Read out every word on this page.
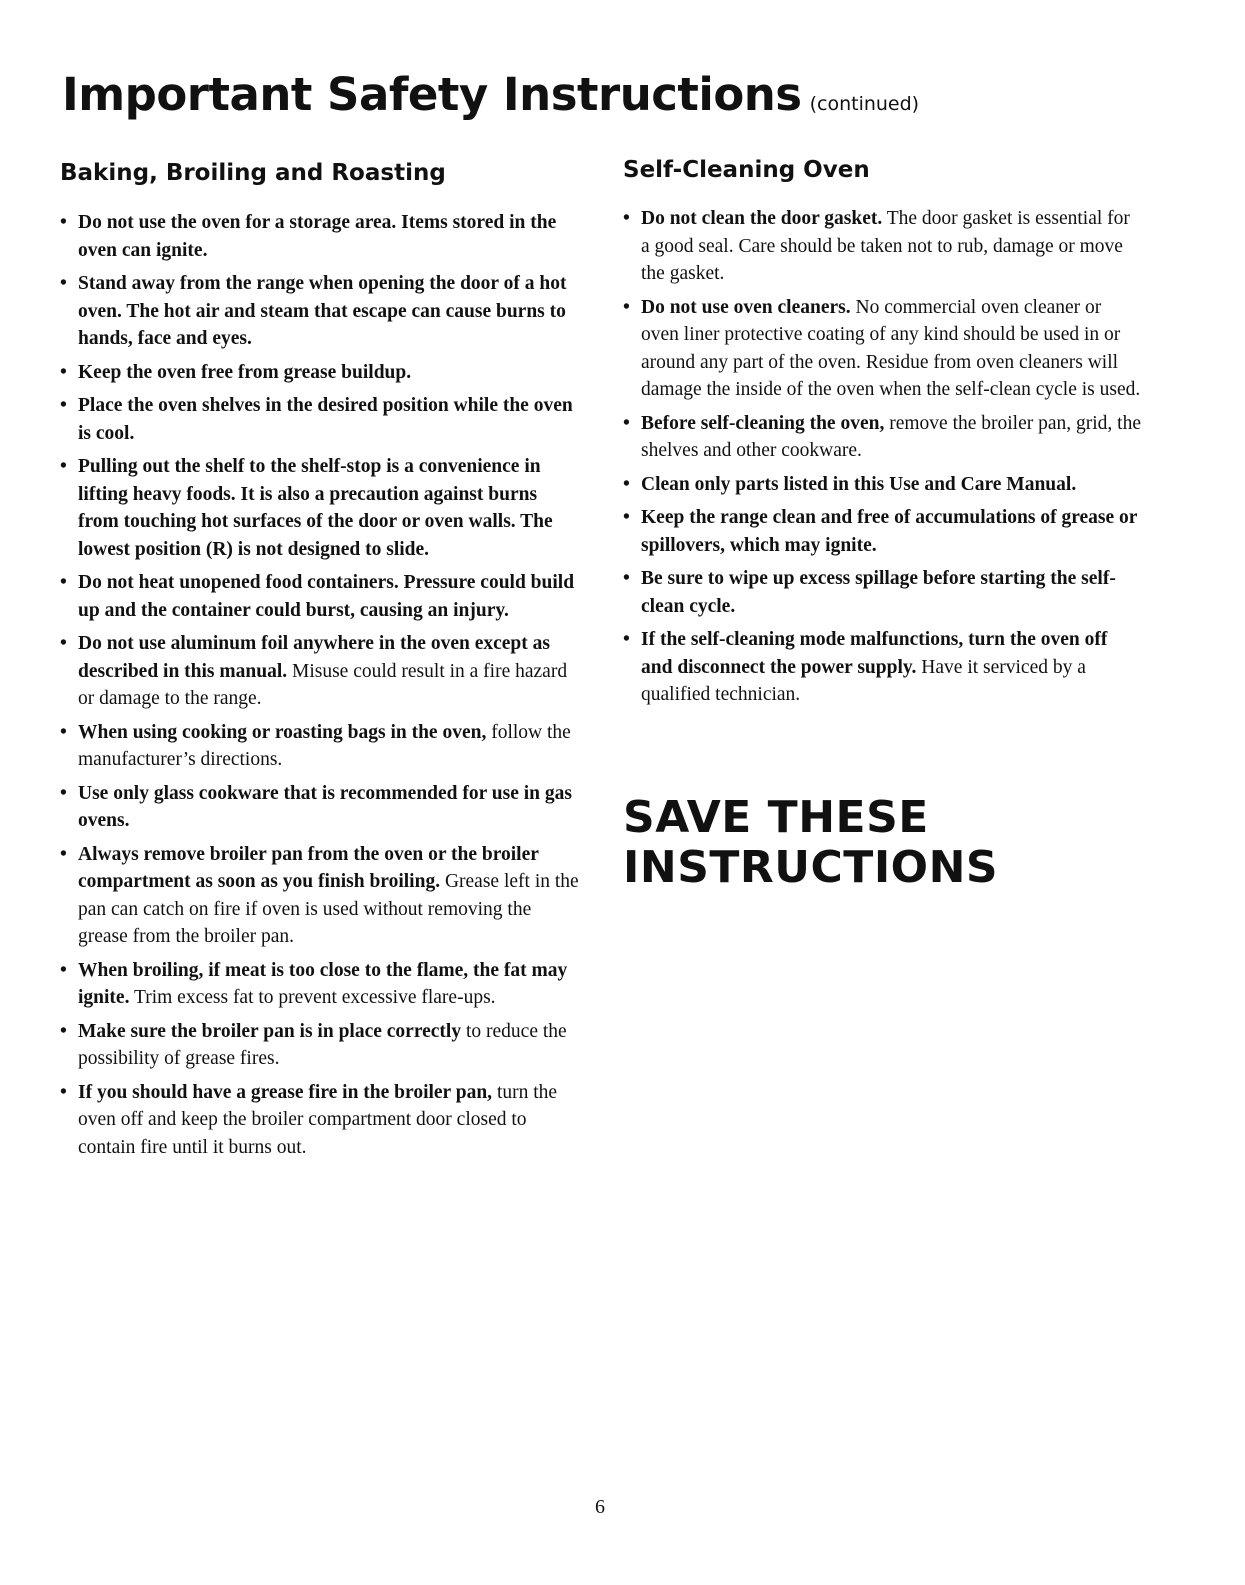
Important Safety Instructions (continued)
Baking, Broiling and Roasting
• Do not use the oven for a storage area. Items stored in the oven can ignite.
• Stand away from the range when opening the door of a hot oven. The hot air and steam that escape can cause burns to hands, face and eyes.
• Keep the oven free from grease buildup.
• Place the oven shelves in the desired position while the oven is cool.
• Pulling out the shelf to the shelf-stop is a convenience in lifting heavy foods. It is also a precaution against burns from touching hot surfaces of the door or oven walls. The lowest position (R) is not designed to slide.
• Do not heat unopened food containers. Pressure could build up and the container could burst, causing an injury.
• Do not use aluminum foil anywhere in the oven except as described in this manual. Misuse could result in a fire hazard or damage to the range.
• When using cooking or roasting bags in the oven, follow the manufacturer’s directions.
• Use only glass cookware that is recommended for use in gas ovens.
• Always remove broiler pan from the oven or the broiler compartment as soon as you finish broiling. Grease left in the pan can catch on fire if oven is used without removing the grease from the broiler pan.
• When broiling, if meat is too close to the flame, the fat may ignite. Trim excess fat to prevent excessive flare-ups.
• Make sure the broiler pan is in place correctly to reduce the possibility of grease fires.
• If you should have a grease fire in the broiler pan, turn the oven off and keep the broiler compartment door closed to contain fire until it burns out.
Self-Cleaning Oven
• Do not clean the door gasket. The door gasket is essential for a good seal. Care should be taken not to rub, damage or move the gasket.
• Do not use oven cleaners. No commercial oven cleaner or oven liner protective coating of any kind should be used in or around any part of the oven. Residue from oven cleaners will damage the inside of the oven when the self-clean cycle is used.
• Before self-cleaning the oven, remove the broiler pan, grid, the shelves and other cookware.
• Clean only parts listed in this Use and Care Manual.
• Keep the range clean and free of accumulations of grease or spillovers, which may ignite.
• Be sure to wipe up excess spillage before starting the self-clean cycle.
• If the self-cleaning mode malfunctions, turn the oven off and disconnect the power supply. Have it serviced by a qualified technician.
SAVE THESE
INSTRUCTIONS
6
